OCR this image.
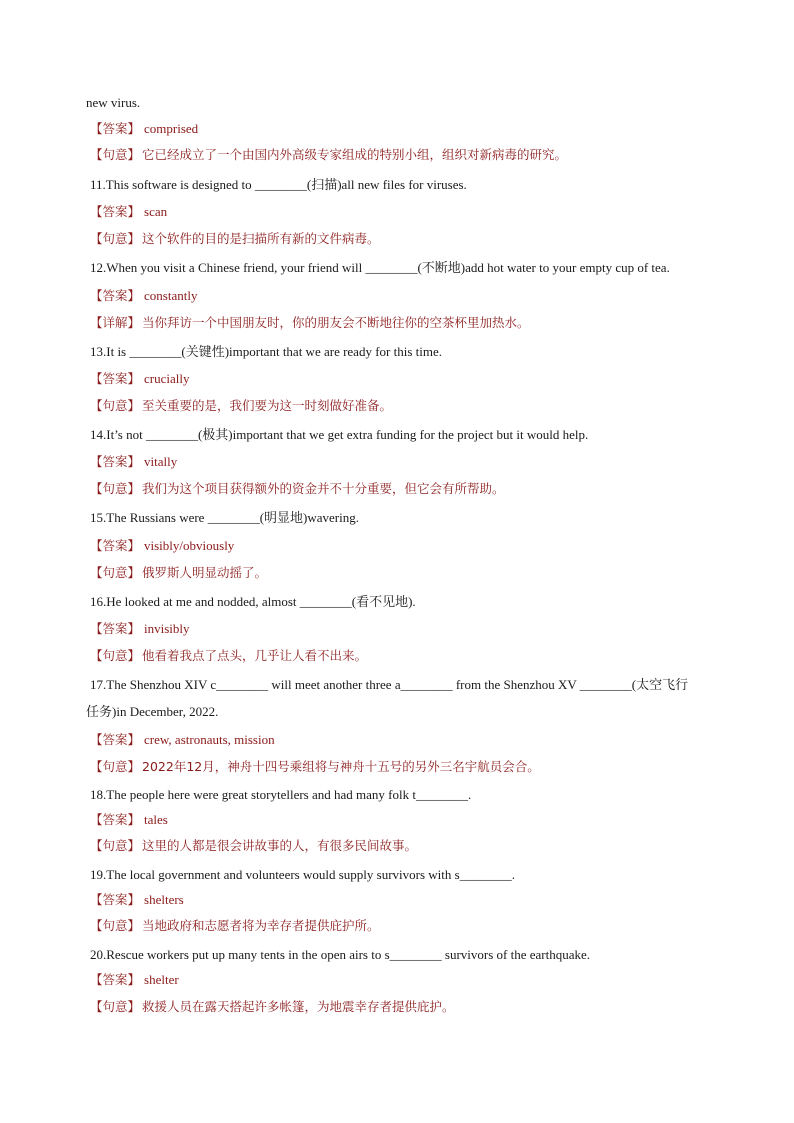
new virus.
【答案】 comprised
【句意】 它已经成立了一个由国内外高级专家组成的特别小组，组织对新病毒的研究。
11.This software is designed to ________(扫描)all new files for viruses.
【答案】 scan
【句意】 这个软件的目的是扫描所有新的文件病毒。
12.When you visit a Chinese friend, your friend will ________(不断地)add hot water to your empty cup of tea.
【答案】 constantly
【详解】 当你拜访一个中国朋友时，你的朋友会不断地往你的空茶杯里加热水。
13.It is ________(关键性)important that we are ready for this time.
【答案】 crucially
【句意】 至关重要的是，我们要为这一时刻做好准备。
14.It’s not ________(极其)important that we get extra funding for the project but it would help.
【答案】 vitally
【句意】 我们为这个项目获得额外的资金并不十分重要，但它会有所帮助。
15.The Russians were ________(明显地)wavering.
【答案】 visibly/obviously
【句意】 俄罗斯人明显动摇了。
16.He looked at me and nodded, almost ________(看不见地).
【答案】 invisibly
【句意】 他看着我点了点头，几乎让人看不出来。
17.The Shenzhou XIV c________ will meet another three a________ from the Shenzhou XV ________(太空飞行
任务)in December, 2022.
【答案】 crew, astronauts, mission
【句意】 2022年12月，神舟十四号乘组将与神舟十五号的另外三名宇航员会合。
18.The people here were great storytellers and had many folk t________.
【答案】 tales
【句意】 这里的人都是很会讲故事的人，有很多民间故事。
19.The local government and volunteers would supply survivors with s________.
【答案】 shelters
【句意】 当地政府和志愿者将为幸存者提供庇护所。
20.Rescue workers put up many tents in the open airs to s________ survivors of the earthquake.
【答案】 shelter
【句意】 救援人员在露天搭起许多帐篷，为地震幸存者提供庇护。
